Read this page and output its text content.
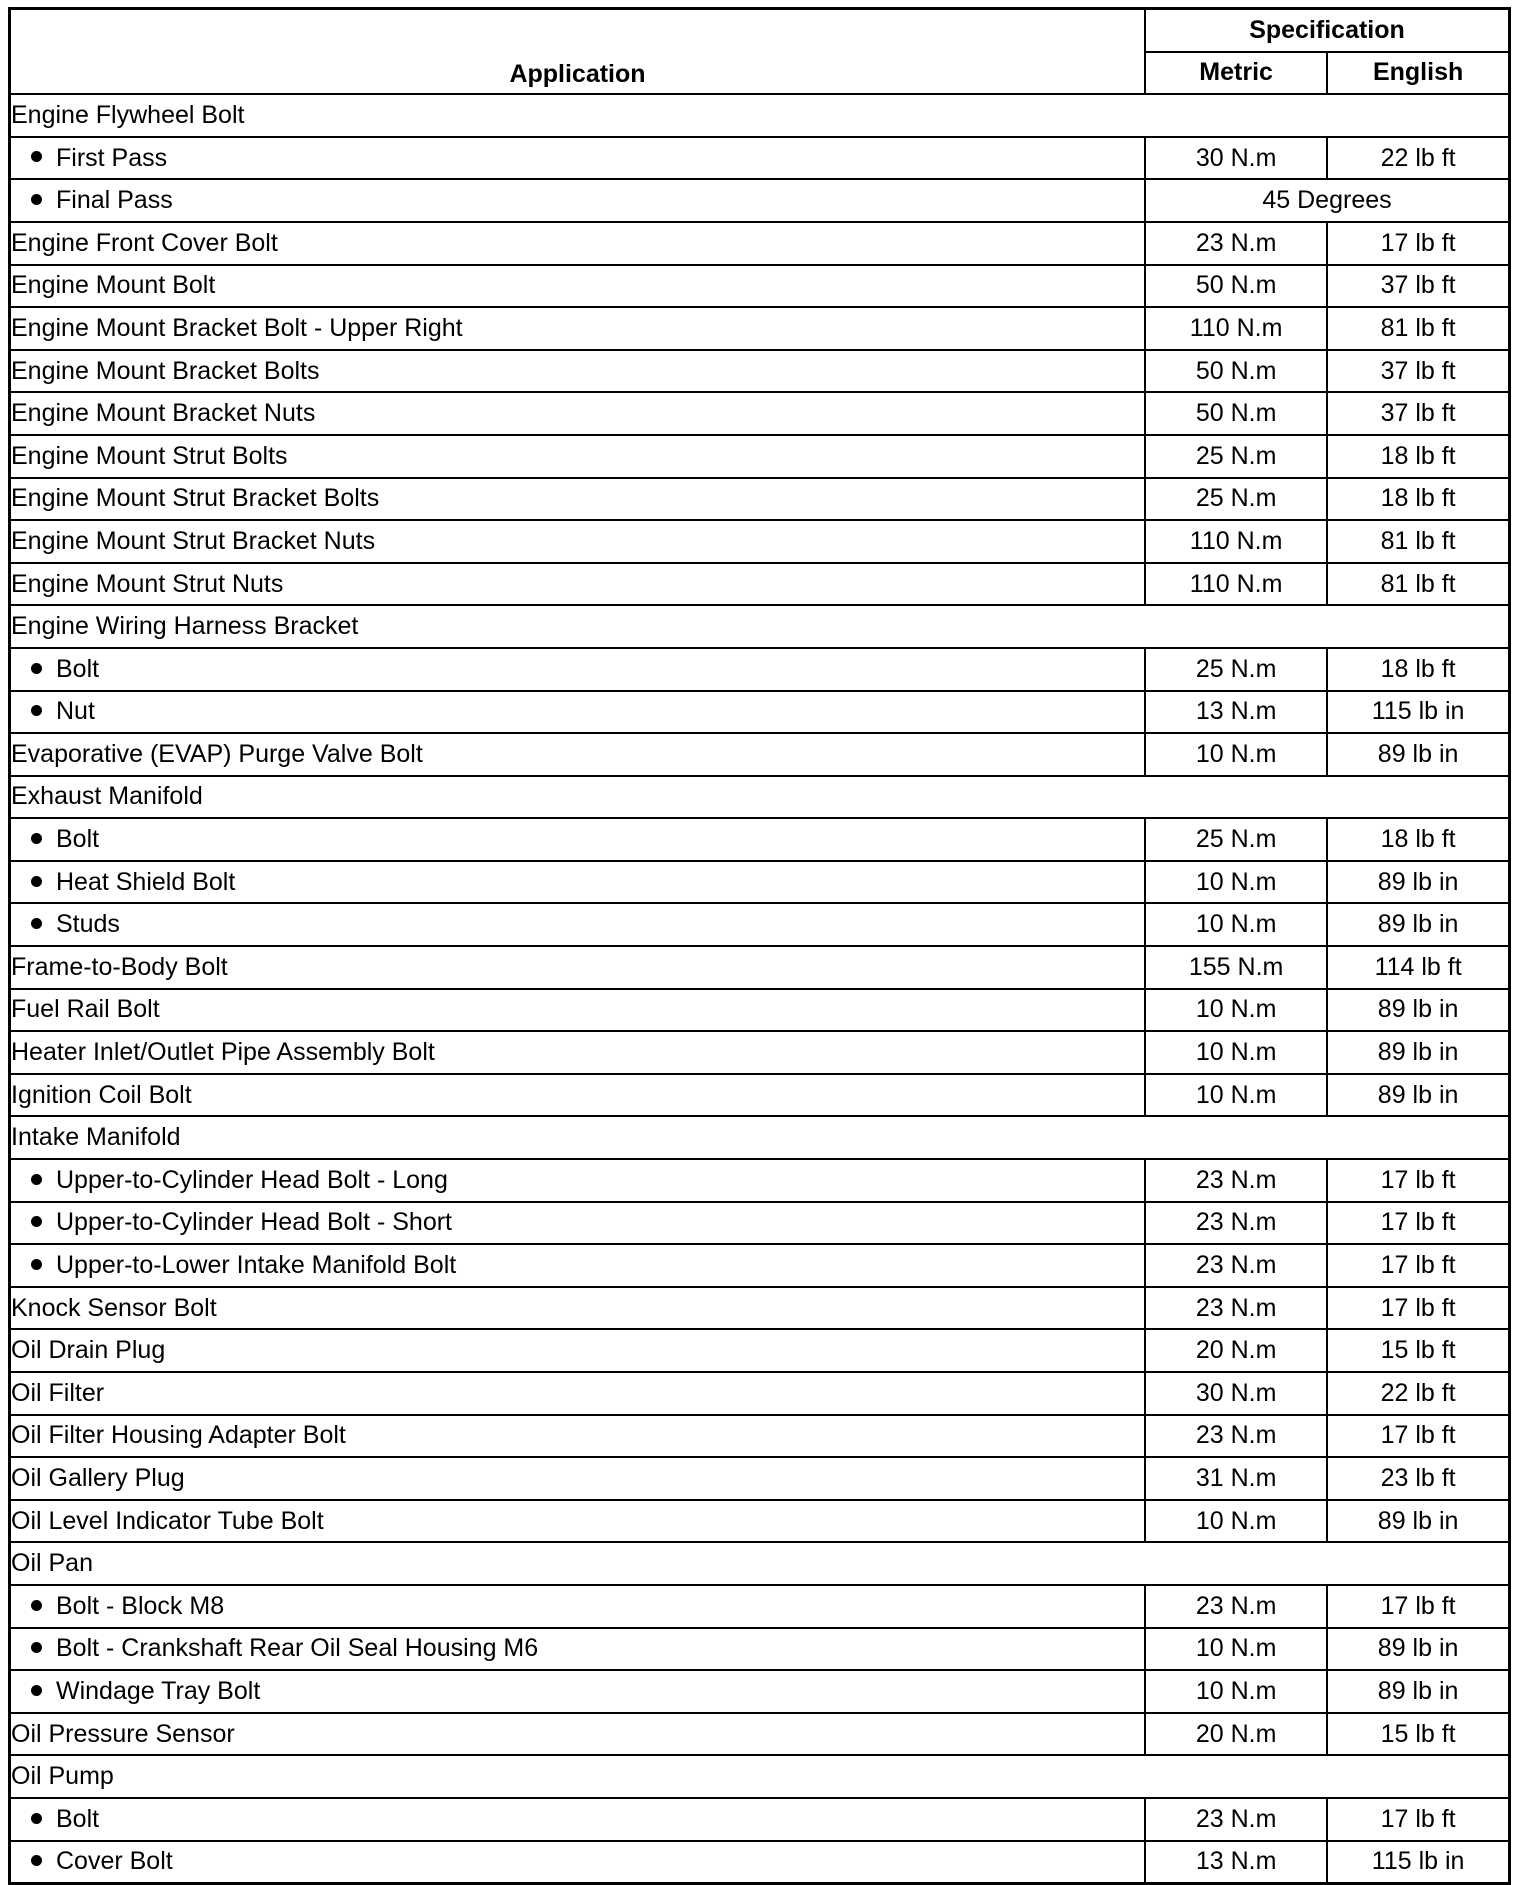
Application	Specification	
	Metric	English
Engine Flywheel Bolt		
First Pass	30 N.m	22 lb ft
Final Pass	45 Degrees	
Engine Front Cover Bolt	23 N.m	17 lb ft
Engine Mount Bolt	50 N.m	37 lb ft
Engine Mount Bracket Bolt - Upper Right	110 N.m	81 lb ft
Engine Mount Bracket Bolts	50 N.m	37 lb ft
Engine Mount Bracket Nuts	50 N.m	37 lb ft
Engine Mount Strut Bolts	25 N.m	18 lb ft
Engine Mount Strut Bracket Bolts	25 N.m	18 lb ft
Engine Mount Strut Bracket Nuts	110 N.m	81 lb ft
Engine Mount Strut Nuts	110 N.m	81 lb ft
Engine Wiring Harness Bracket		
Bolt	25 N.m	18 lb ft
Nut	13 N.m	115 lb in
Evaporative (EVAP) Purge Valve Bolt	10 N.m	89 lb in
Exhaust Manifold		
Bolt	25 N.m	18 lb ft
Heat Shield Bolt	10 N.m	89 lb in
Studs	10 N.m	89 lb in
Frame-to-Body Bolt	155 N.m	114 lb ft
Fuel Rail Bolt	10 N.m	89 lb in
Heater Inlet/Outlet Pipe Assembly Bolt	10 N.m	89 lb in
Ignition Coil Bolt	10 N.m	89 lb in
Intake Manifold		
Upper-to-Cylinder Head Bolt - Long	23 N.m	17 lb ft
Upper-to-Cylinder Head Bolt - Short	23 N.m	17 lb ft
Upper-to-Lower Intake Manifold Bolt	23 N.m	17 lb ft
Knock Sensor Bolt	23 N.m	17 lb ft
Oil Drain Plug	20 N.m	15 lb ft
Oil Filter	30 N.m	22 lb ft
Oil Filter Housing Adapter Bolt	23 N.m	17 lb ft
Oil Gallery Plug	31 N.m	23 lb ft
Oil Level Indicator Tube Bolt	10 N.m	89 lb in
Oil Pan		
Bolt - Block M8	23 N.m	17 lb ft
Bolt - Crankshaft Rear Oil Seal Housing M6	10 N.m	89 lb in
Windage Tray Bolt	10 N.m	89 lb in
Oil Pressure Sensor	20 N.m	15 lb ft
Oil Pump		
Bolt	23 N.m	17 lb ft
Cover Bolt	13 N.m	115 lb in
